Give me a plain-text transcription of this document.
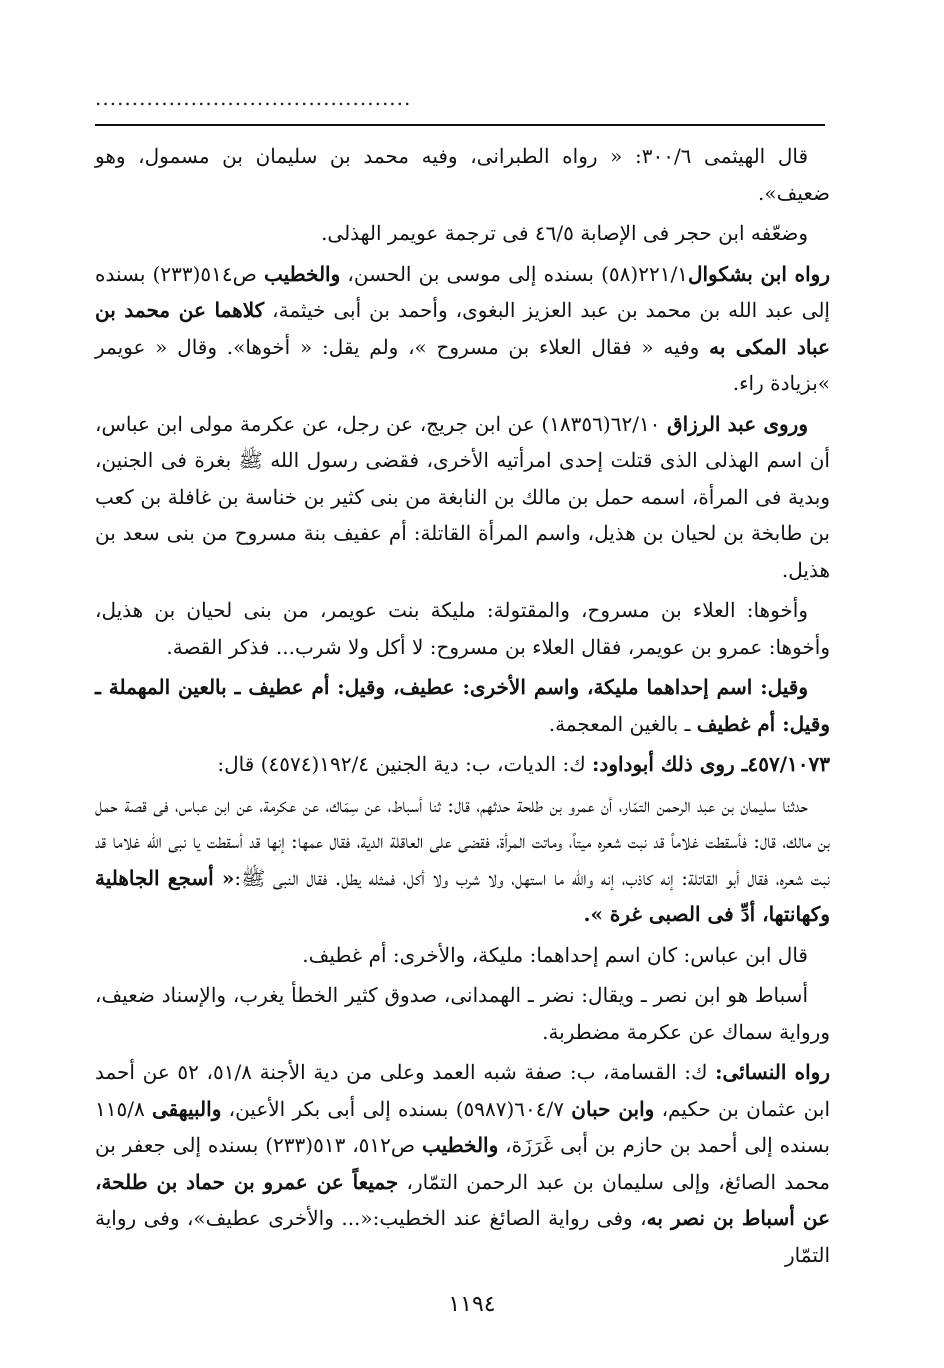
...........................................

قال الهيثمى ٣٠٠/٦: « رواه الطبرانى، وفيه محمد بن سليمان بن مسمول، وهو ضعيف».

وضعّفه ابن حجر فى الإصابة ٤٦/٥ فى ترجمة عويمر الهذلى.

رواه ابن بشكوال٢٢١/١(٥٨) بسنده إلى موسى بن الحسن، والخطيب ص٥١٤(٢٣٣) بسنده إلى عبد الله بن محمد بن عبد العزيز البغوى، وأحمد بن أبى خيثمة، كلاهما عن محمد بن عباد المكى به وفيه « فقال العلاء بن مسروح »، ولم يقل: « أخوها». وقال « عويمر »بزيادة راء.

وروى عبد الرزاق ٦٢/١٠(١٨٣٥٦) عن ابن جريج، عن رجل، عن عكرمة مولى ابن عباس، أن اسم الهذلى الذى قتلت إحدى امرأتيه الأخرى، فقضى رسول الله ﷺ بغرة فى الجنين، وبدية فى المرأة، اسمه حمل بن مالك بن النابغة من بنى كثير بن خناسة بن غافلة بن كعب بن طابخة بن لحيان بن هذيل، واسم المرأة القاتلة: أم عفيف بنة مسروح من بنى سعد بن هذيل.

وأخوها: العلاء بن مسروح، والمقتولة: مليكة بنت عويمر، من بنى لحيان بن هذيل، وأخوها: عمرو بن عويمر، فقال العلاء بن مسروح: لا أكل ولا شرب... فذكر القصة.

وقيل: اسم إحداهما مليكة، واسم الأخرى: عطيف، وقيل: أم عطيف ـ بالعين المهملة ـ وقيل: أم غطيف ـ بالغين المعجمة.

٤٥٧/١٠٧٣ـ روى ذلك أبوداود: ك: الديات، ب: دية الجنين ١٩٢/٤(٤٥٧٤) قال:

حدثنا سليمان بن عبد الرحمن التمّار، أن عمرو بن طلحة حدثهم، قال: ثنا أسباط، عن سِمَاك، عن عكرمة، عن ابن عباس، فى قصة حمل بن مالك، قال: فأسقطت غلاماً قد نبت شعره ميتاً، وماتت المرأة، فقضى على العاقلة الدية، فقال عمها: إنها قد أسقطت يا نبى الله غلاما قد نبت شعره، فقال أبو القاتلة: إنه كاذب، إنه والله ما استهل، ولا شرب ولا أكل، فمثله يطل. فقال النبى ﷺ:« أسجع الجاهلية وكهانتها، أدِّ فى الصبى غرة ».

قال ابن عباس: كان اسم إحداهما: مليكة، والأخرى: أم غطيف.

أسباط هو ابن نصر ـ ويقال: نضر ـ الهمدانى، صدوق كثير الخطأ يغرب، والإسناد ضعيف، ورواية سماك عن عكرمة مضطربة.

رواه النسائى: ك: القسامة، ب: صفة شبه العمد وعلى من دية الأجنة ٥١/٨، ٥٢ عن أحمد ابن عثمان بن حكيم، وابن حبان ٦٠٤/٧(٥٩٨٧) بسنده إلى أبى بكر الأعين، والبيهقى ١١٥/٨ بسنده إلى أحمد بن حازم بن أبى غَرَزَة، والخطيب ص٥١٢، ٥١٣(٢٣٣) بسنده إلى جعفر بن محمد الصائغ، وإلى سليمان بن عبد الرحمن التمّار، جميعاً عن عمرو بن حماد بن طلحة، عن أسباط بن نصر به، وفى رواية الصائغ عند الخطيب:«... والأخرى عطيف»، وفى رواية التمّار

١١٩٤
